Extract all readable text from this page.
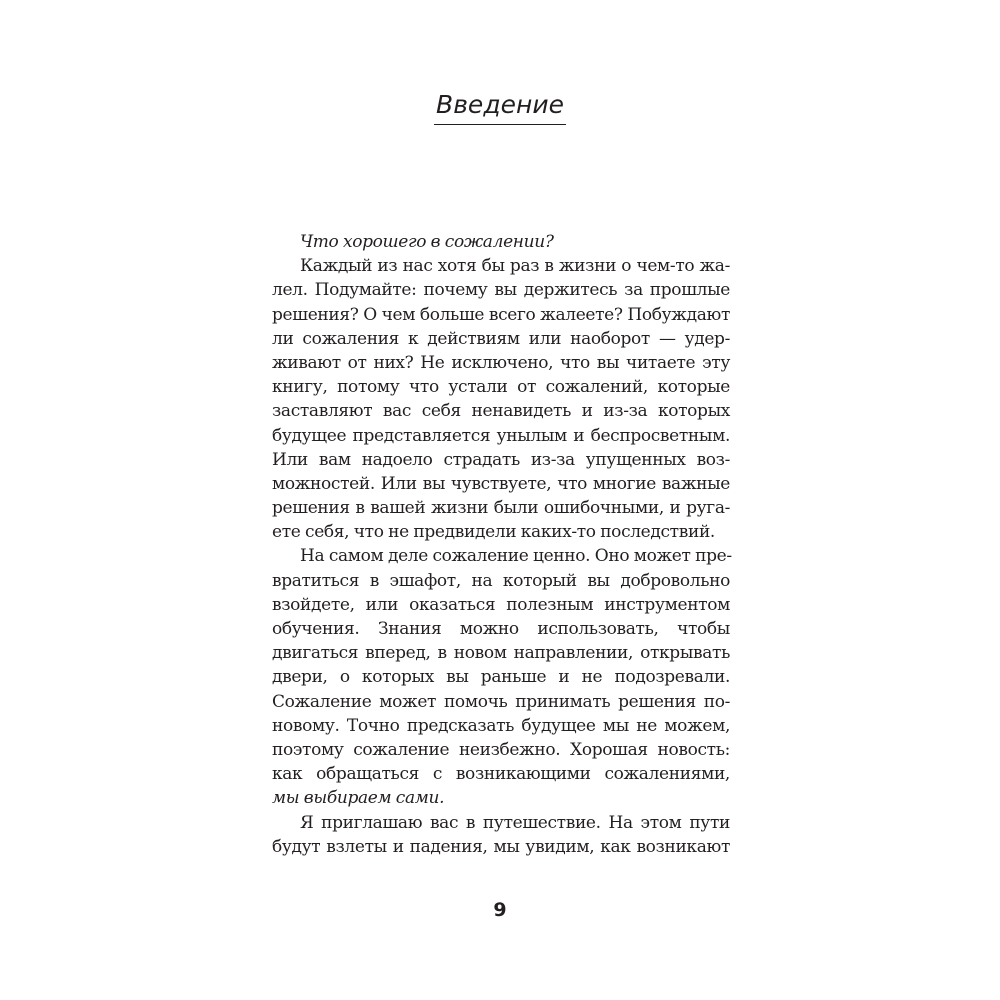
Введение
Что хорошего в сожалении?
Каждый из нас хотя бы раз в жизни о чем-то жа-
лел. Подумайте: почему вы держитесь за прошлые
решения? О чем больше всего жалеете? Побуждают
ли сожаления к действиям или наоборот — удер-
живают от них? Не исключено, что вы читаете эту
книгу, потому что устали от сожалений, которые
заставляют вас себя ненавидеть и из-за которых
будущее представляется унылым и беспросветным.
Или вам надоело страдать из-за упущенных воз-
можностей. Или вы чувствуете, что многие важные
решения в вашей жизни были ошибочными, и руга-
ете себя, что не предвидели каких-то последствий.
На самом деле сожаление ценно. Оно может пре-
вратиться в эшафот, на который вы добровольно
взойдете, или оказаться полезным инструментом
обучения. Знания можно использовать, чтобы
двигаться вперед, в новом направлении, открывать
двери, о которых вы раньше и не подозревали.
Сожаление может помочь принимать решения по-
новому. Точно предсказать будущее мы не можем,
поэтому сожаление неизбежно. Хорошая новость:
как обращаться с возникающими сожалениями,
мы выбираем сами.
Я приглашаю вас в путешествие. На этом пути
будут взлеты и падения, мы увидим, как возникают
9
